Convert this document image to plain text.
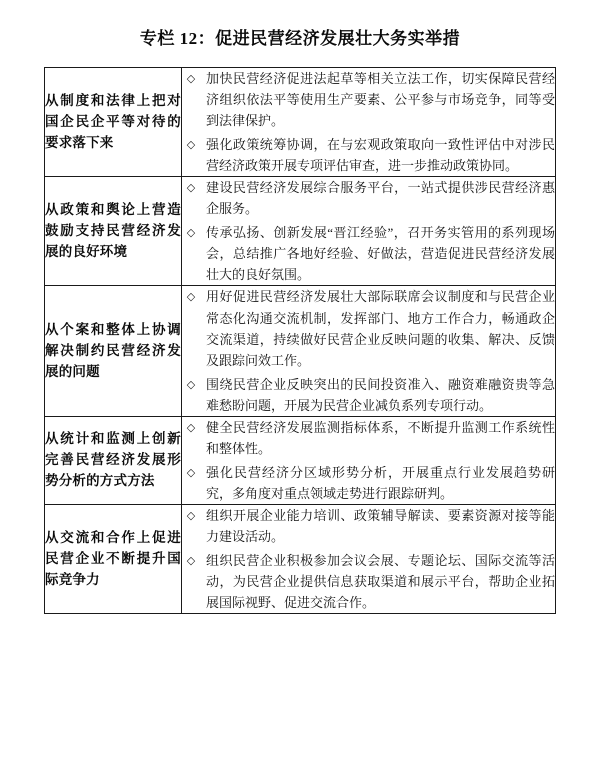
专栏 12：促进民营经济发展壮大务实举措
从制度和法律上把对国企民企平等对待的要求落下来	
◇ 加快民营经济促进法起草等相关立法工作，切实保障民营经济组织依法平等使用生产要素、公平参与市场竞争，同等受到法律保护。
◇ 强化政策统筹协调，在与宏观政策取向一致性评估中对涉民营经济政策开展专项评估审查，进一步推动政策协同。

从政策和舆论上营造鼓励支持民营经济发展的良好环境	
◇ 建设民营经济发展综合服务平台，一站式提供涉民营经济惠企服务。
◇ 传承弘扬、创新发展“晋江经验”，召开务实管用的系列现场会，总结推广各地好经验、好做法，营造促进民营经济发展壮大的良好氛围。

从个案和整体上协调解决制约民营经济发展的问题	
◇ 用好促进民营经济发展壮大部际联席会议制度和与民营企业常态化沟通交流机制，发挥部门、地方工作合力，畅通政企交流渠道，持续做好民营企业反映问题的收集、解决、反馈及跟踪问效工作。
◇ 围绕民营企业反映突出的民间投资准入、融资难融资贵等急难愁盼问题，开展为民营企业减负系列专项行动。

从统计和监测上创新完善民营经济发展形势分析的方式方法	
◇ 健全民营经济发展监测指标体系，不断提升监测工作系统性和整体性。
◇ 强化民营经济分区域形势分析，开展重点行业发展趋势研究，多角度对重点领域走势进行跟踪研判。

从交流和合作上促进民营企业不断提升国际竞争力	
◇ 组织开展企业能力培训、政策辅导解读、要素资源对接等能力建设活动。
◇ 组织民营企业积极参加会议会展、专题论坛、国际交流等活动，为民营企业提供信息获取渠道和展示平台，帮助企业拓展国际视野、促进交流合作。
